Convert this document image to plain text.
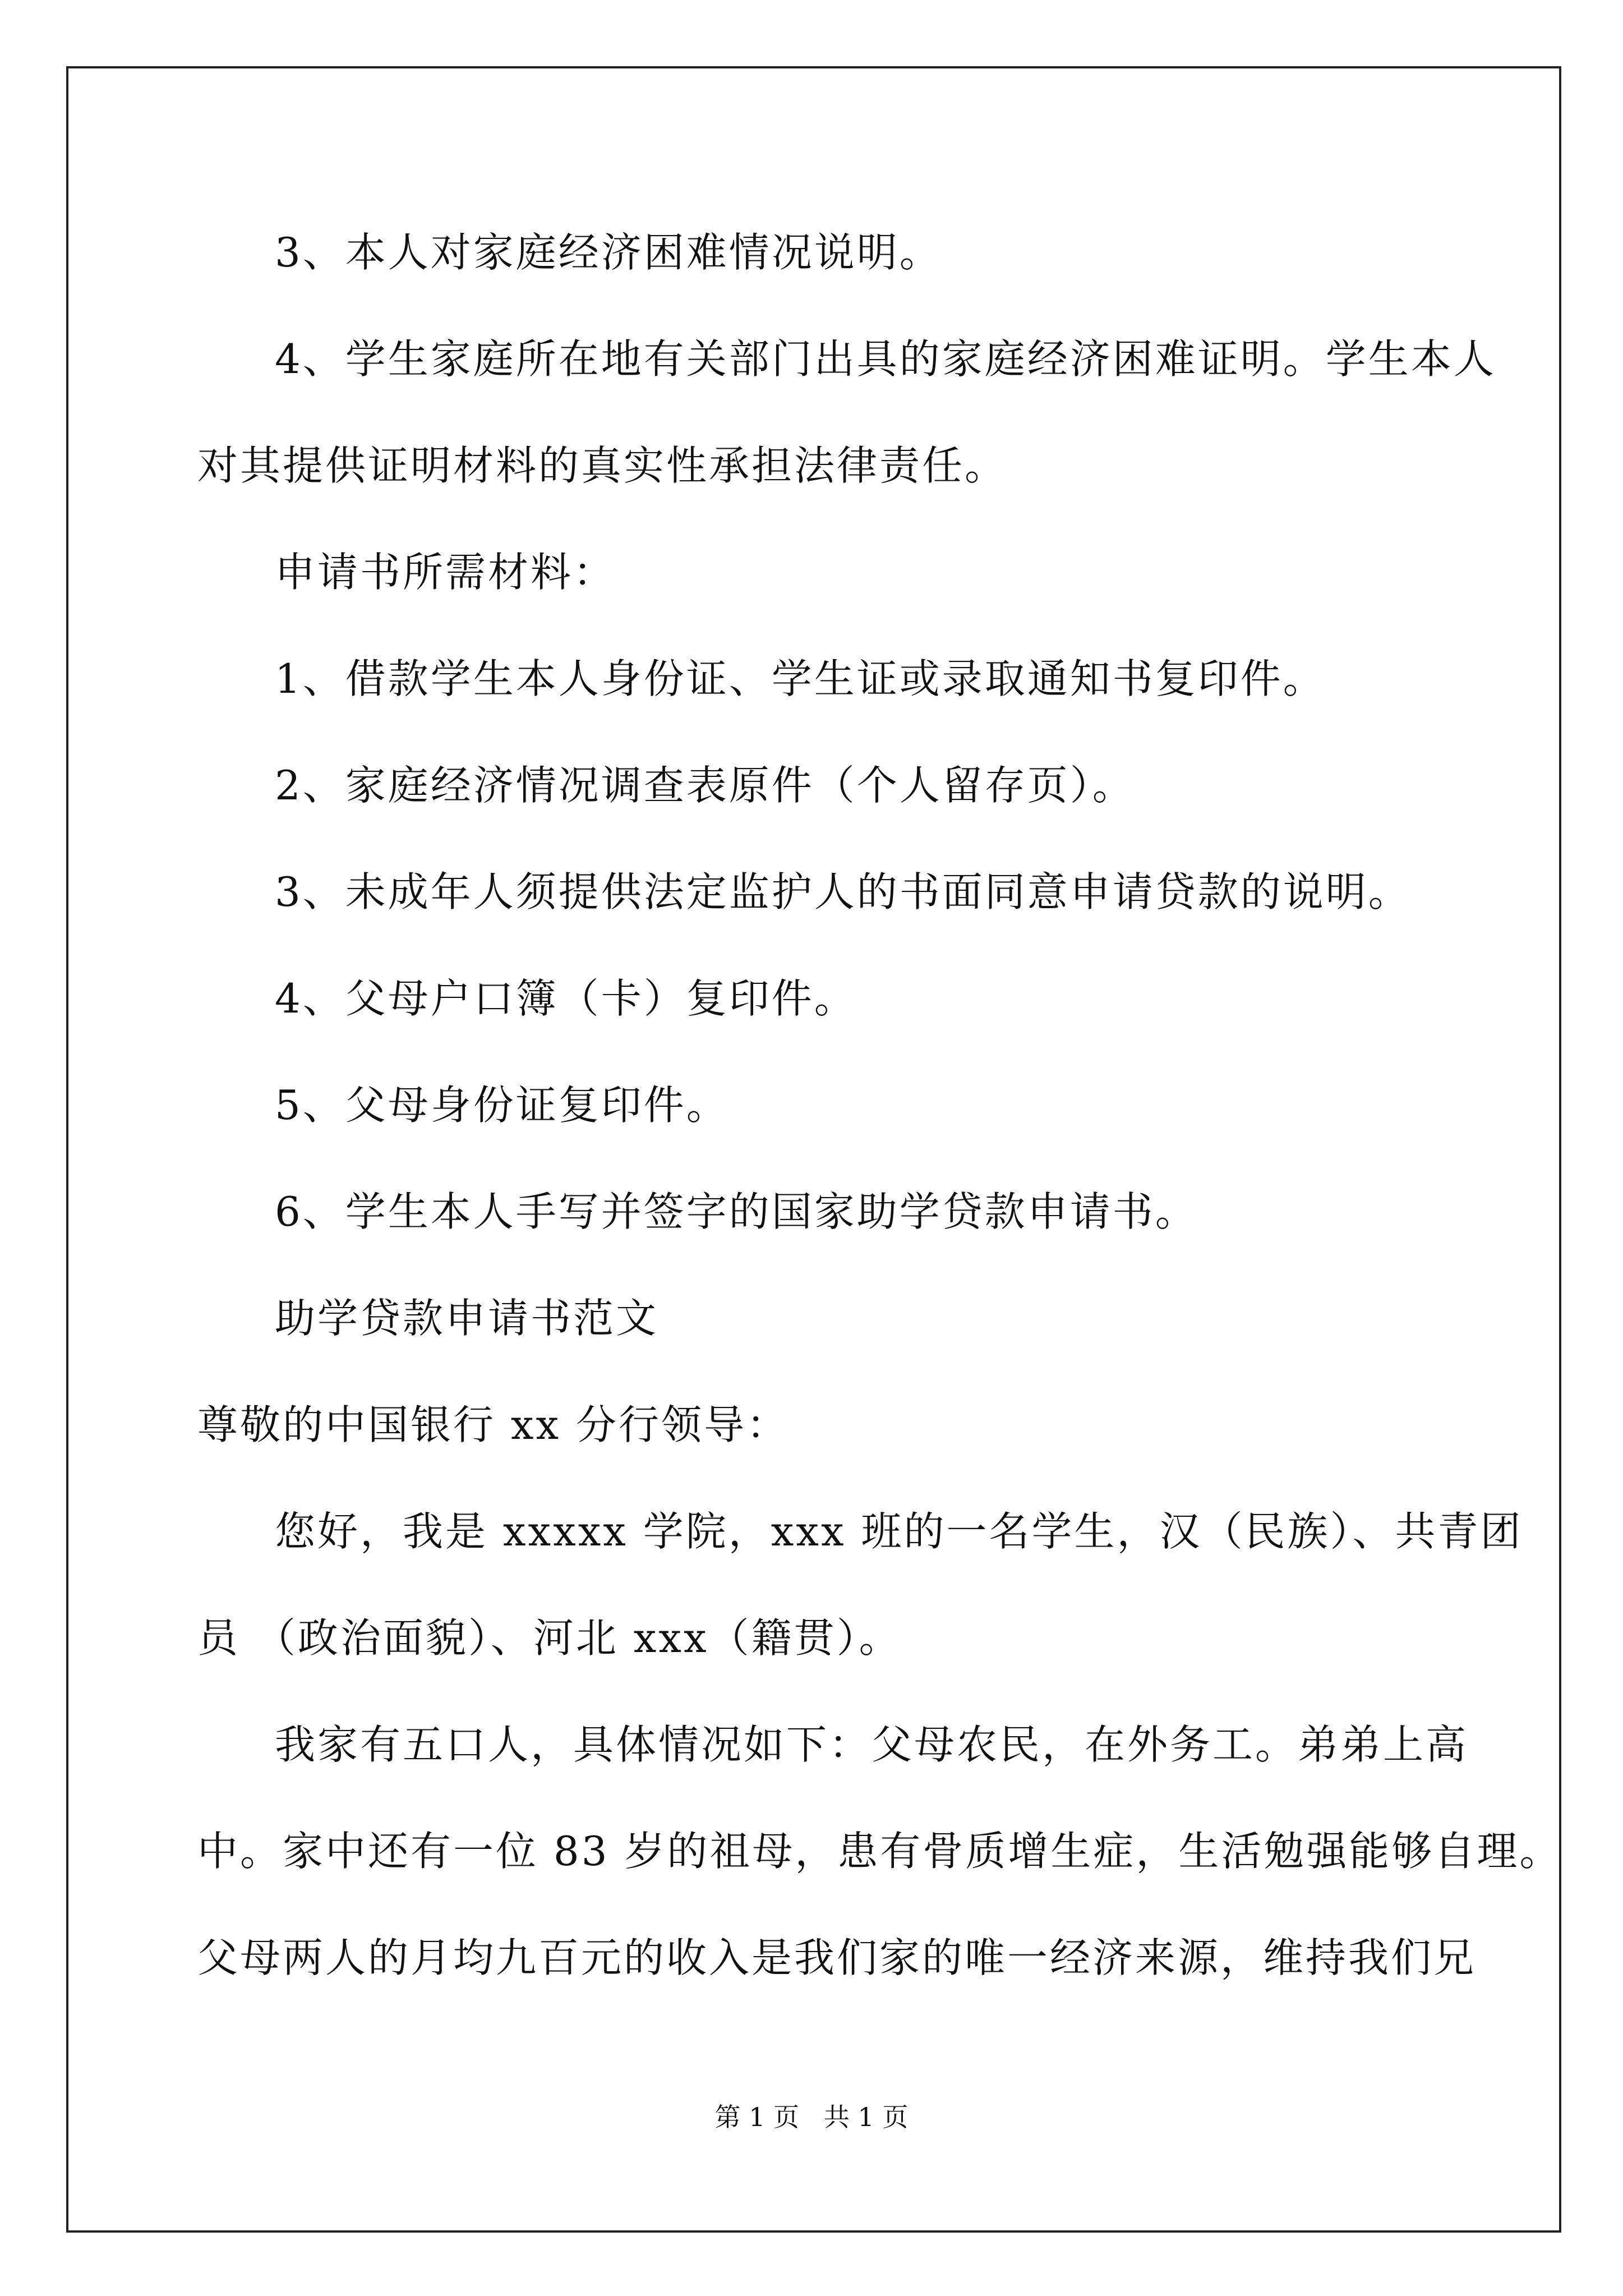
3、本人对家庭经济困难情况说明。
4、学生家庭所在地有关部门出具的家庭经济困难证明。学生本人
对其提供证明材料的真实性承担法律责任。
申请书所需材料：
1、借款学生本人身份证、学生证或录取通知书复印件。
2、家庭经济情况调查表原件（个人留存页）。
3、未成年人须提供法定监护人的书面同意申请贷款的说明。
4、父母户口簿（卡）复印件。
5、父母身份证复印件。
6、学生本人手写并签字的国家助学贷款申请书。
助学贷款申请书范文
尊敬的中国银行 xx 分行领导：
您好，我是 xxxxx 学院，xxx 班的一名学生，汉（民族）、共青团
员 （政治面貌）、河北 xxx（籍贯）。
我家有五口人，具体情况如下：父母农民，在外务工。弟弟上高
中。家中还有一位 83 岁的祖母，患有骨质增生症，生活勉强能够自理。
父母两人的月均九百元的收入是我们家的唯一经济来源，维持我们兄
第 1 页   共 1 页
